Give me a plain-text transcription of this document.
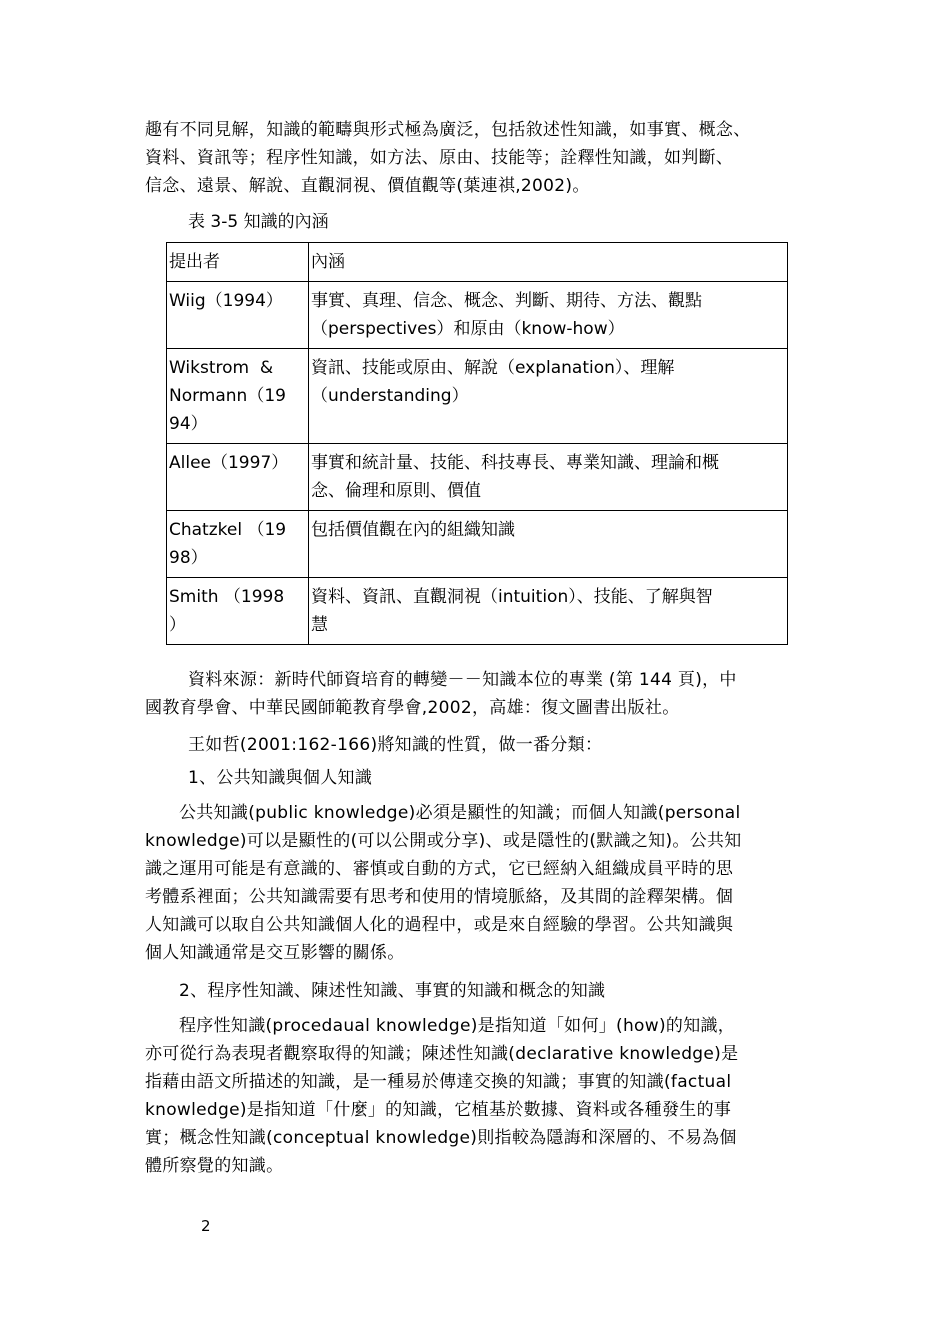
趣有不同見解，知識的範疇與形式極為廣泛，包括敘述性知識，如事實、概念、
資料、資訊等；程序性知識，如方法、原由、技能等；詮釋性知識，如判斷、
信念、遠景、解說、直觀洞視、價值觀等(葉連祺,2002)。
表 3-5 知識的內涵
提出者	內涵

Wiig（1994）	事實、真理、信念、概念、判斷、期待、方法、觀點
（perspectives）和原由（know-how）

Wikstrom  &
Normann（19
94）	資訊、技能或原由、解說（explanation）、理解
（understanding）

Allee（1997）	事實和統計量、技能、科技專長、專業知識、理論和概
念、倫理和原則、價值

Chatzkel （19
98）	包括價值觀在內的組織知識

Smith （1998
）	資料、資訊、直觀洞視（intuition）、技能、了解與智
慧
資料來源：新時代師資培育的轉變－－知識本位的專業 (第 144 頁)，中
國教育學會、中華民國師範教育學會,2002，高雄：復文圖書出版社。
王如哲(2001:162-166)將知識的性質，做一番分類：
1、公共知識與個人知識
公共知識(public knowledge)必須是顯性的知識；而個人知識(personal
knowledge)可以是顯性的(可以公開或分享)、或是隱性的(默識之知)。公共知
識之運用可能是有意識的、審慎或自動的方式，它已經納入組織成員平時的思
考體系裡面；公共知識需要有思考和使用的情境脈絡，及其間的詮釋架構。個
人知識可以取自公共知識個人化的過程中，或是來自經驗的學習。公共知識與
個人知識通常是交互影響的關係。
2、程序性知識、陳述性知識、事實的知識和概念的知識
程序性知識(procedaual knowledge)是指知道「如何」(how)的知識，
亦可從行為表現者觀察取得的知識；陳述性知識(declarative knowledge)是
指藉由語文所描述的知識，是一種易於傳達交換的知識；事實的知識(factual
knowledge)是指知道「什麼」的知識，它植基於數據、資料或各種發生的事
實；概念性知識(conceptual knowledge)則指較為隱誨和深層的、不易為個
體所察覺的知識。
2
